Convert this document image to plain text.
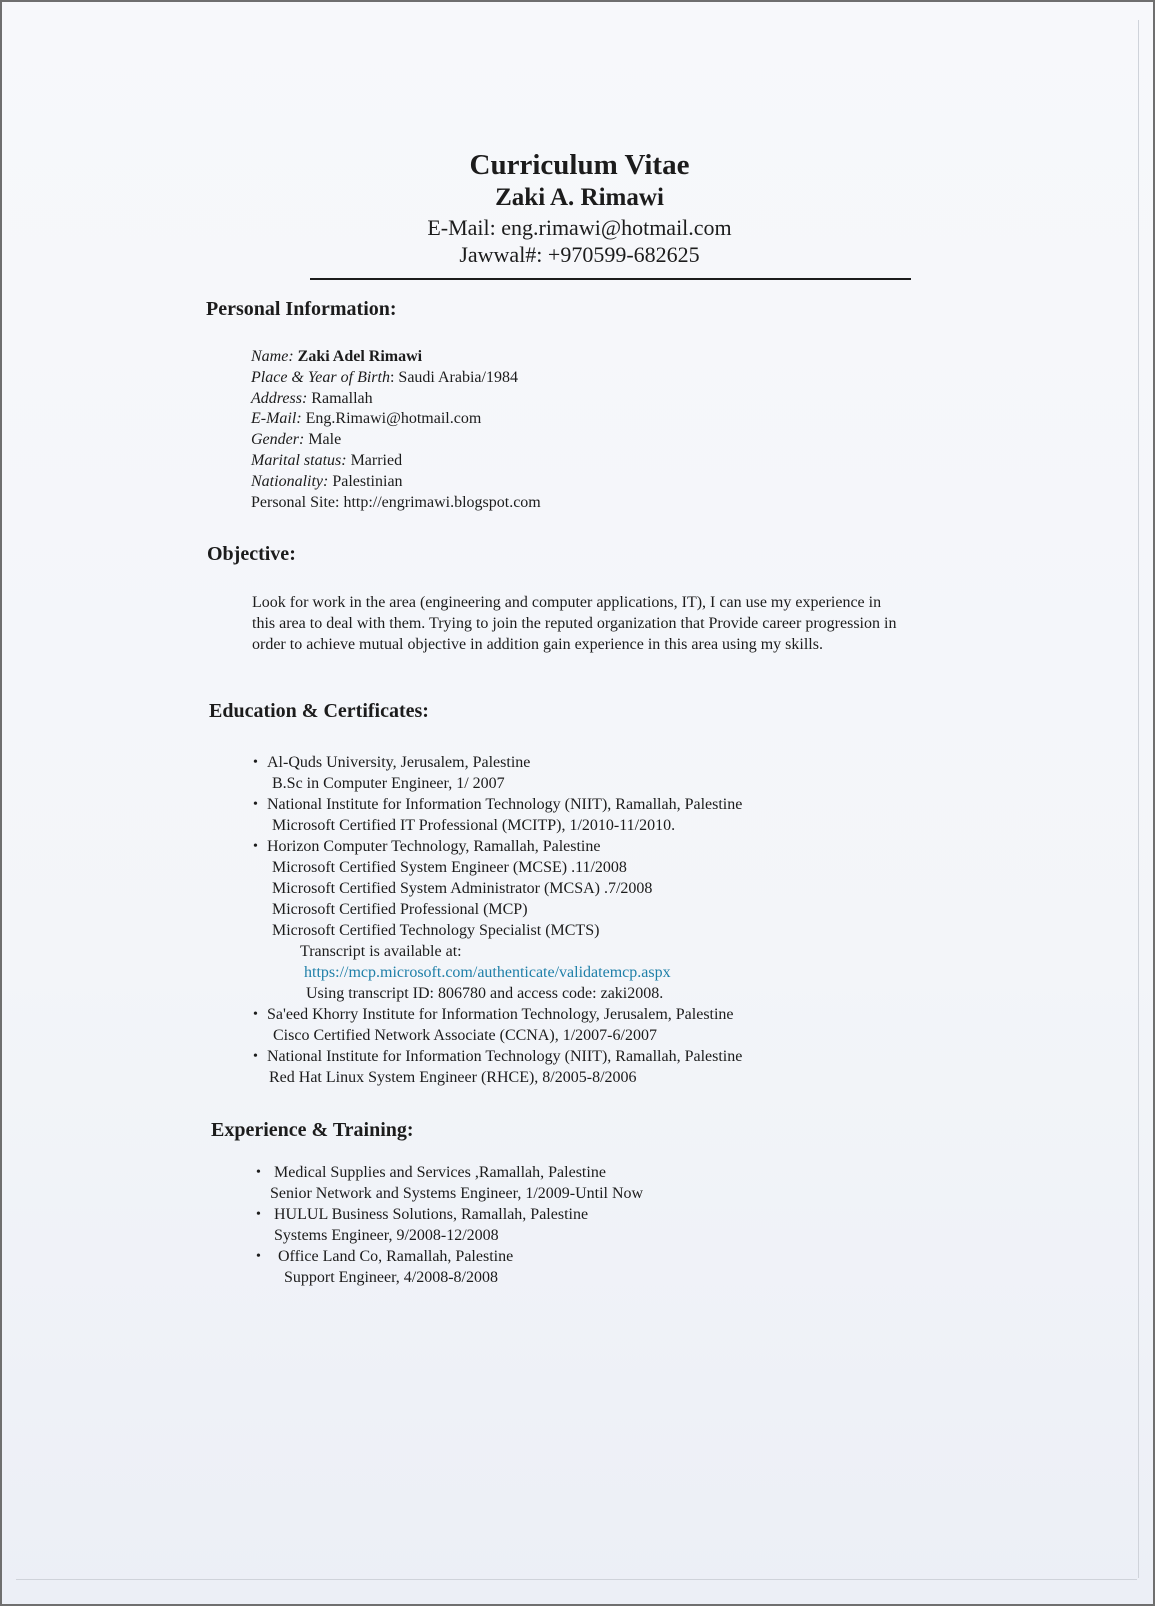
Curriculum Vitae
Zaki A. Rimawi
E-Mail: eng.rimawi@hotmail.com
Jawwal#: +970599-682625
Personal Information:
Name: Zaki Adel Rimawi
Place & Year of Birth: Saudi Arabia/1984
Address: Ramallah
E-Mail: Eng.Rimawi@hotmail.com
Gender: Male
Marital status: Married
Nationality: Palestinian
Personal Site: http://engrimawi.blogspot.com
Objective:

Look for work in the area (engineering and computer applications, IT), I can use my experience in this area to deal with them. Trying to join the reputed organization that Provide career progression in order to achieve mutual objective in addition gain experience in this area using my skills.

Education & Certificates:
• Al-Quds University, Jerusalem, Palestine
B.Sc in Computer Engineer, 1/ 2007
• National Institute for Information Technology (NIIT), Ramallah, Palestine
Microsoft Certified IT Professional (MCITP), 1/2010-11/2010.
• Horizon Computer Technology, Ramallah, Palestine
Microsoft Certified System Engineer (MCSE) .11/2008
Microsoft Certified System Administrator (MCSA) .7/2008
Microsoft Certified Professional (MCP)
Microsoft Certified Technology Specialist (MCTS)
Transcript is available at:
https://mcp.microsoft.com/authenticate/validatemcp.aspx
Using transcript ID: 806780 and access code: zaki2008.
• Sa'eed Khorry Institute for Information Technology, Jerusalem, Palestine
Cisco Certified Network Associate (CCNA), 1/2007-6/2007
• National Institute for Information Technology (NIIT), Ramallah, Palestine
Red Hat Linux System Engineer (RHCE), 8/2005-8/2006
Experience & Training:
• Medical Supplies and Services ,Ramallah, Palestine
Senior Network and Systems Engineer, 1/2009-Until Now
• HULUL Business Solutions, Ramallah, Palestine
Systems Engineer, 9/2008-12/2008
• Office Land Co, Ramallah, Palestine
Support Engineer, 4/2008-8/2008
